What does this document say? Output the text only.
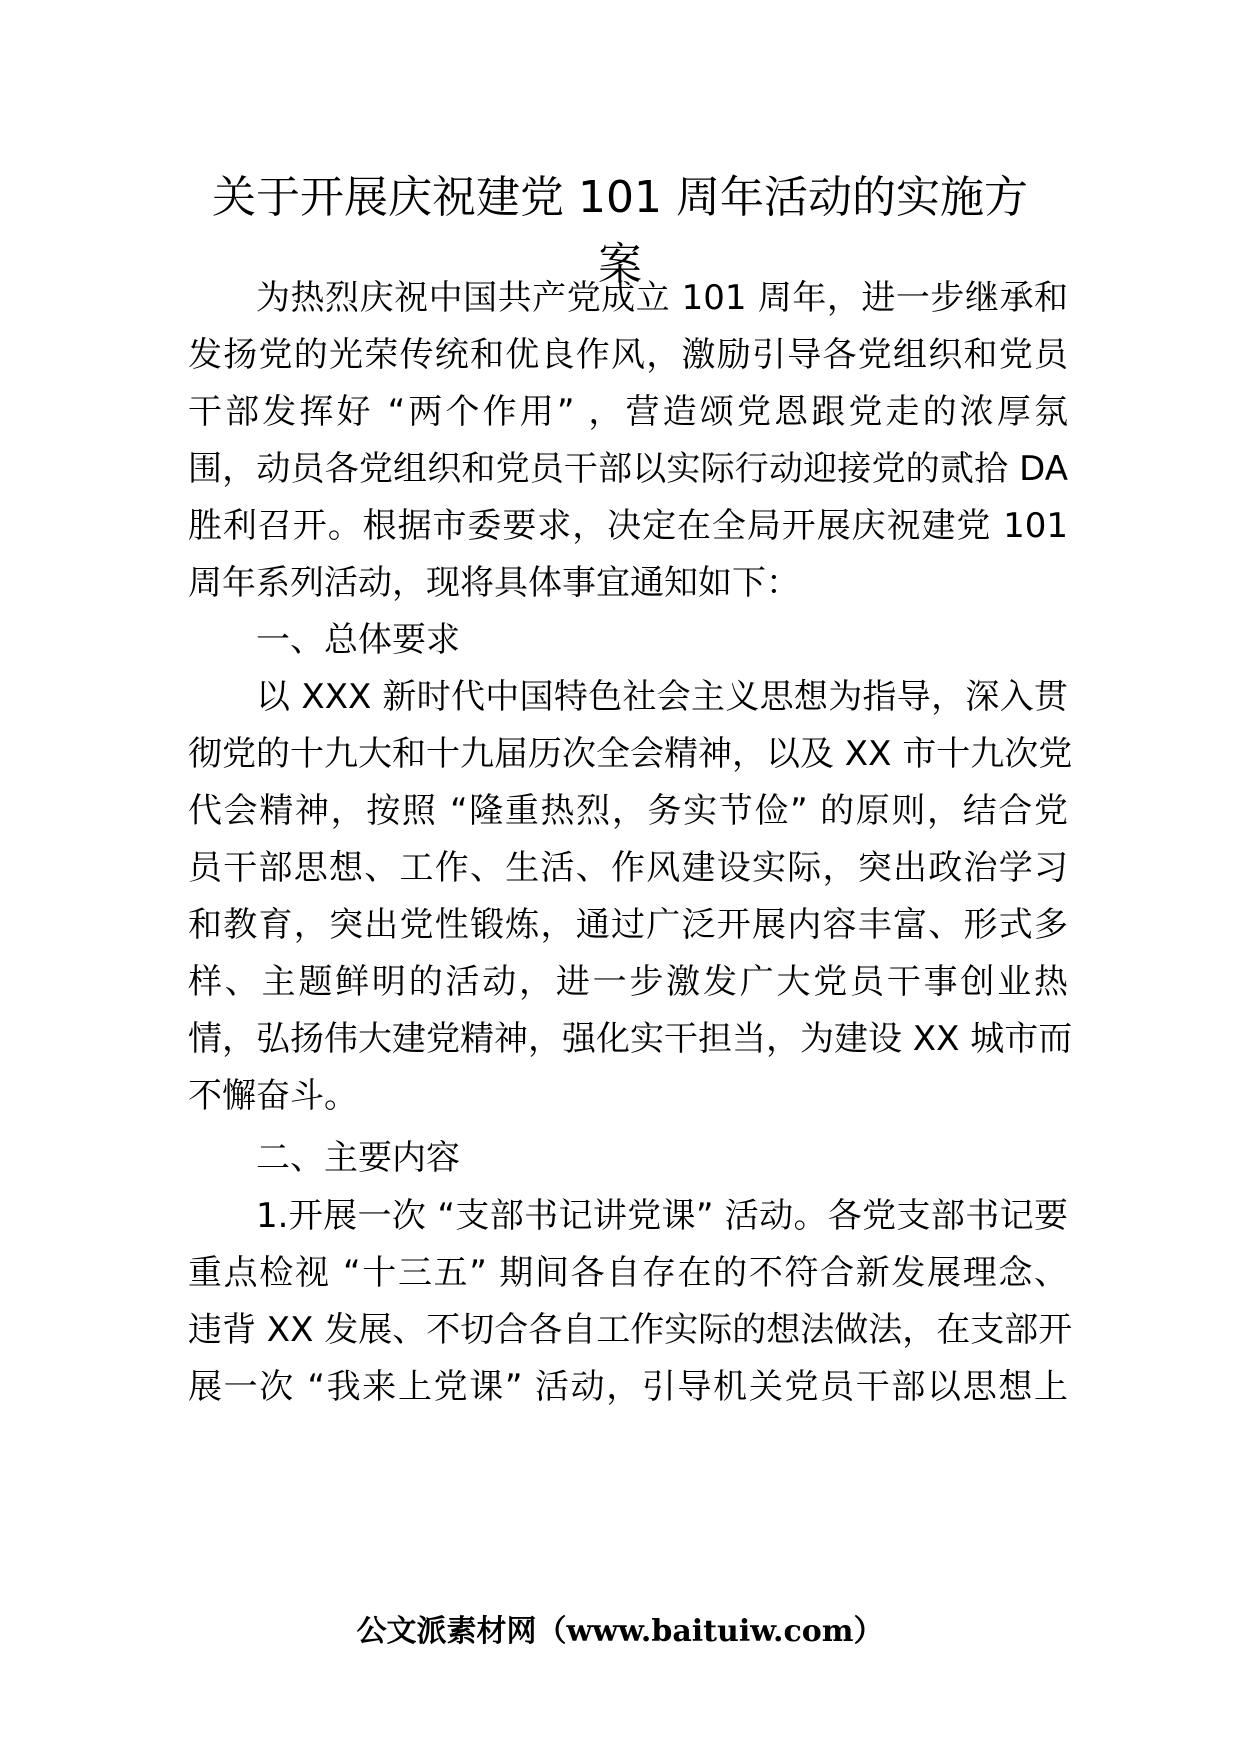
关于开展庆祝建党 101 周年活动的实施方
案
为热烈庆祝中国共产党成立 101 周年，进一步继承和
发扬党的光荣传统和优良作风，激励引导各党组织和党员
干部发挥好 “两个作用” ，营造颂党恩跟党走的浓厚氛
围，动员各党组织和党员干部以实际行动迎接党的贰拾 DA
胜利召开。根据市委要求，决定在全局开展庆祝建党 101
周年系列活动，现将具体事宜通知如下：
一、总体要求
以 XXX 新时代中国特色社会主义思想为指导，深入贯
彻党的十九大和十九届历次全会精神，以及 XX 市十九次党
代会精神，按照 “隆重热烈，务实节俭” 的原则，结合党
员干部思想、工作、生活、作风建设实际，突出政治学习
和教育，突出党性锻炼，通过广泛开展内容丰富、形式多
样、主题鲜明的活动，进一步激发广大党员干事创业热
情，弘扬伟大建党精神，强化实干担当，为建设 XX 城市而
不懈奋斗。
二、主要内容
1.开展一次 “支部书记讲党课” 活动。各党支部书记要
重点检视 “十三五” 期间各自存在的不符合新发展理念、
违背 XX 发展、不切合各自工作实际的想法做法，在支部开
展一次 “我来上党课” 活动，引导机关党员干部以思想上
公文派素材网（www.baituiw.com）
